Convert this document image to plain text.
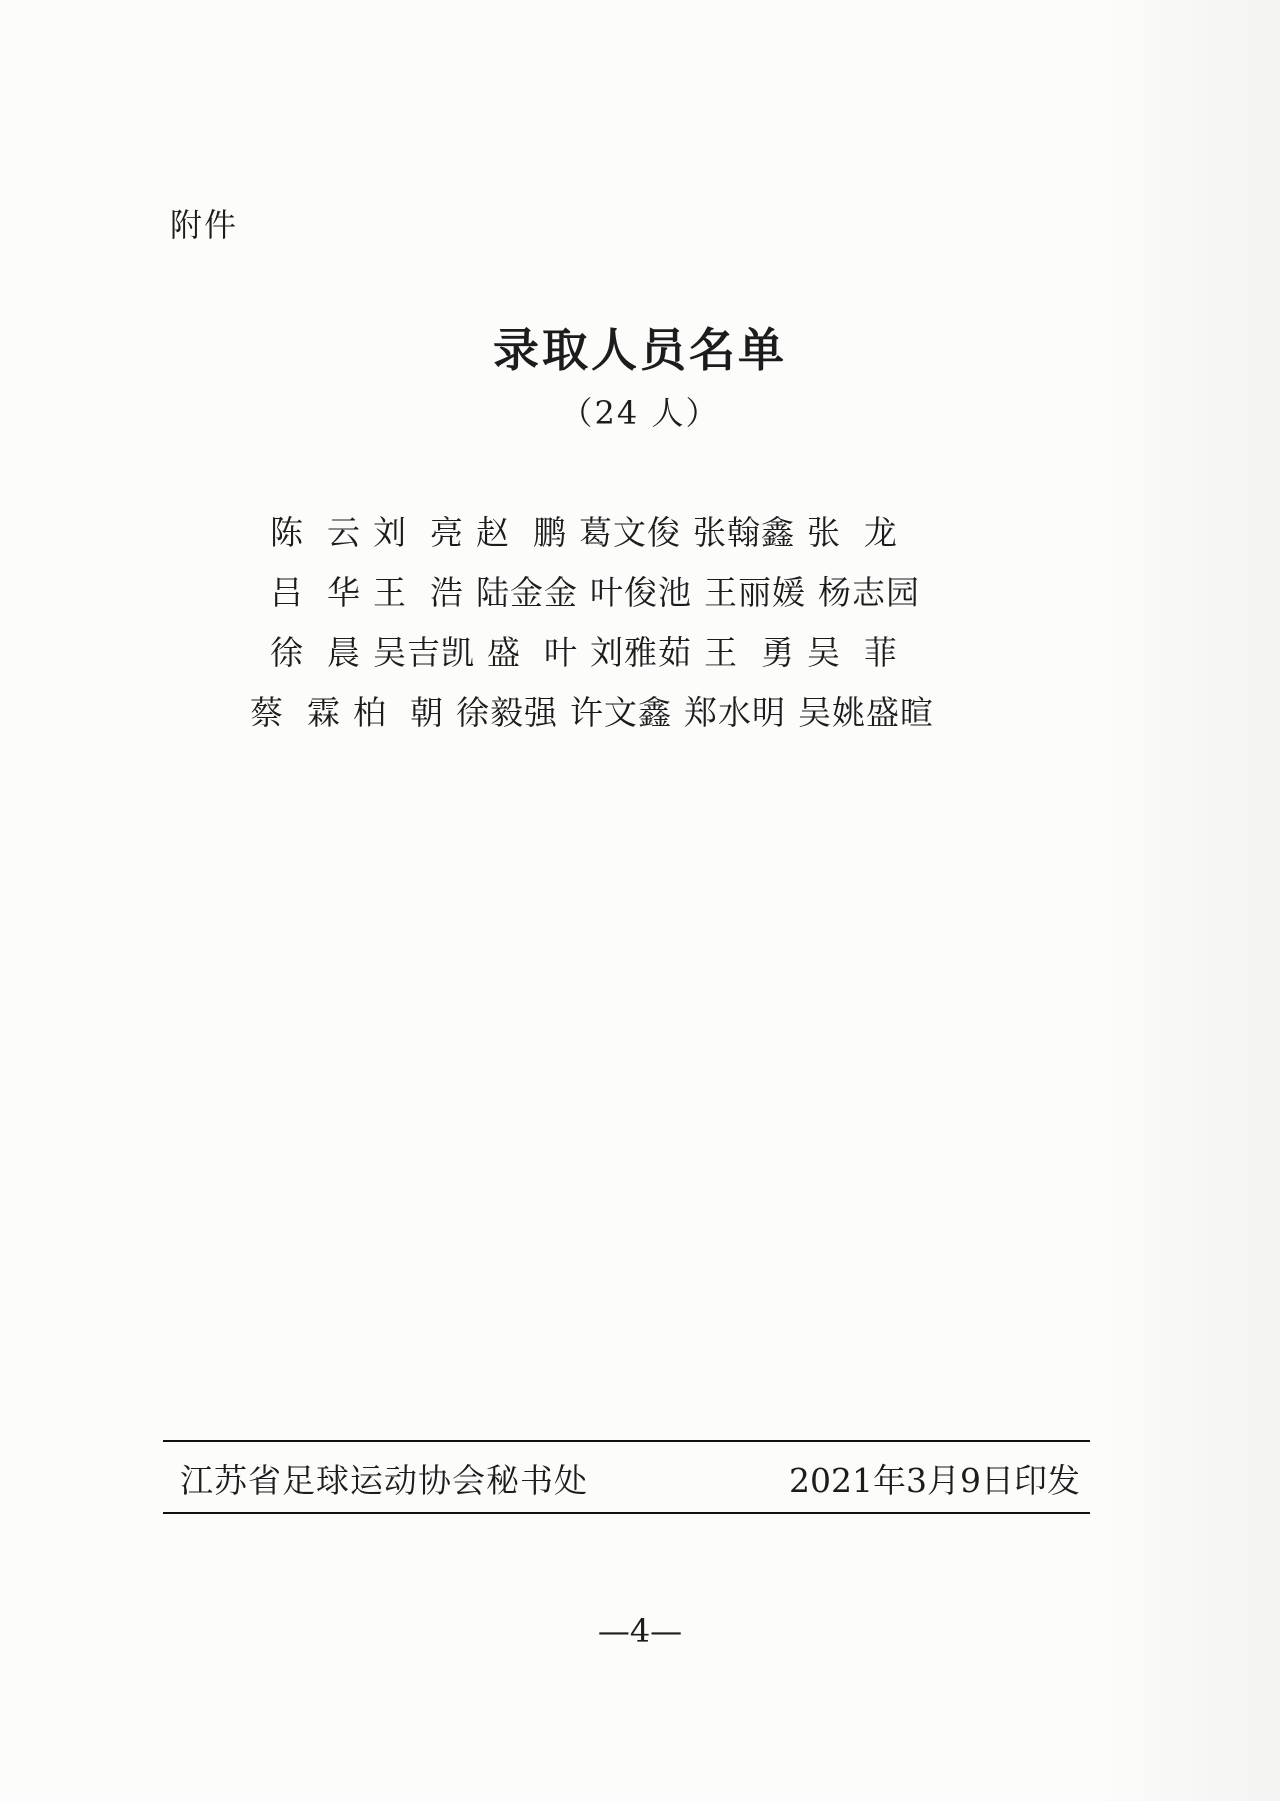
附件
录取人员名单
（24 人）
陈  云 刘  亮 赵  鹏 葛文俊 张翰鑫 张  龙
吕  华 王  浩 陆金金 叶俊池 王丽媛 杨志园
徐  晨 吴吉凯 盛  叶 刘雅茹 王  勇 吴  菲
蔡  霖 柏  朝 徐毅强 许文鑫 郑水明 吴姚盛暄
江苏省足球运动协会秘书处	2021年3月9日印发
—4—
